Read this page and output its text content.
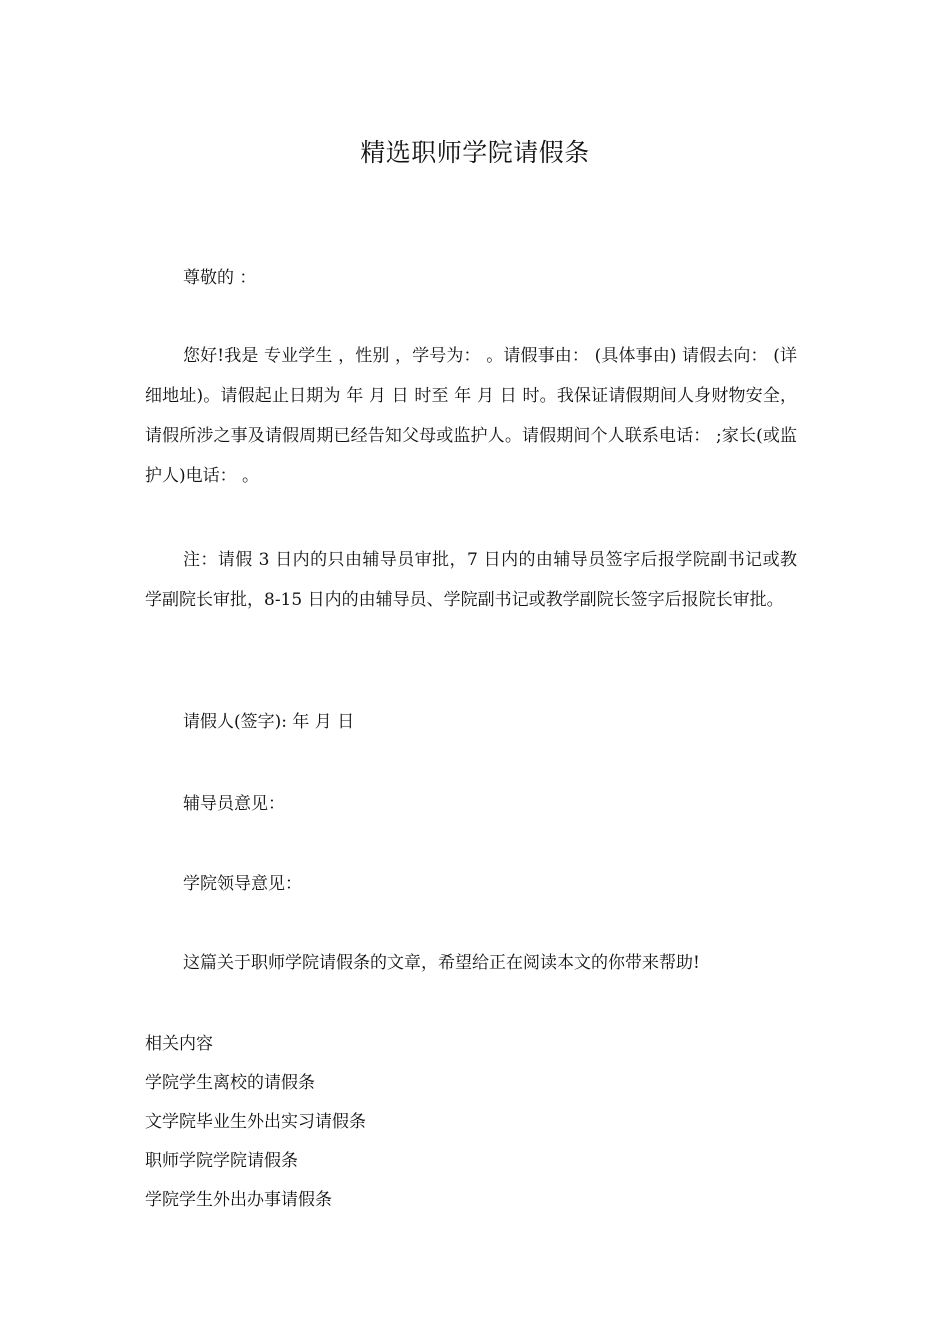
精选职师学院请假条

尊敬的 ：

您好!我是 专业学生 ，性别 ，学号为： 。请假事由： (具体事由) 请假去向： (详细地址)。请假起止日期为 年 月 日 时至 年 月 日 时。我保证请假期间人身财物安全，请假所涉之事及请假周期已经告知父母或监护人。请假期间个人联系电话： ;家长(或监护人)电话： 。

注：请假 3 日内的只由辅导员审批，7 日内的由辅导员签字后报学院副书记或教学副院长审批，8-15 日内的由辅导员、学院副书记或教学副院长签字后报院长审批。

请假人(签字): 年 月 日

辅导员意见：

学院领导意见：

这篇关于职师学院请假条的文章，希望给正在阅读本文的你带来帮助!

相关内容
学院学生离校的请假条
文学院毕业生外出实习请假条
职师学院学院请假条
学院学生外出办事请假条
